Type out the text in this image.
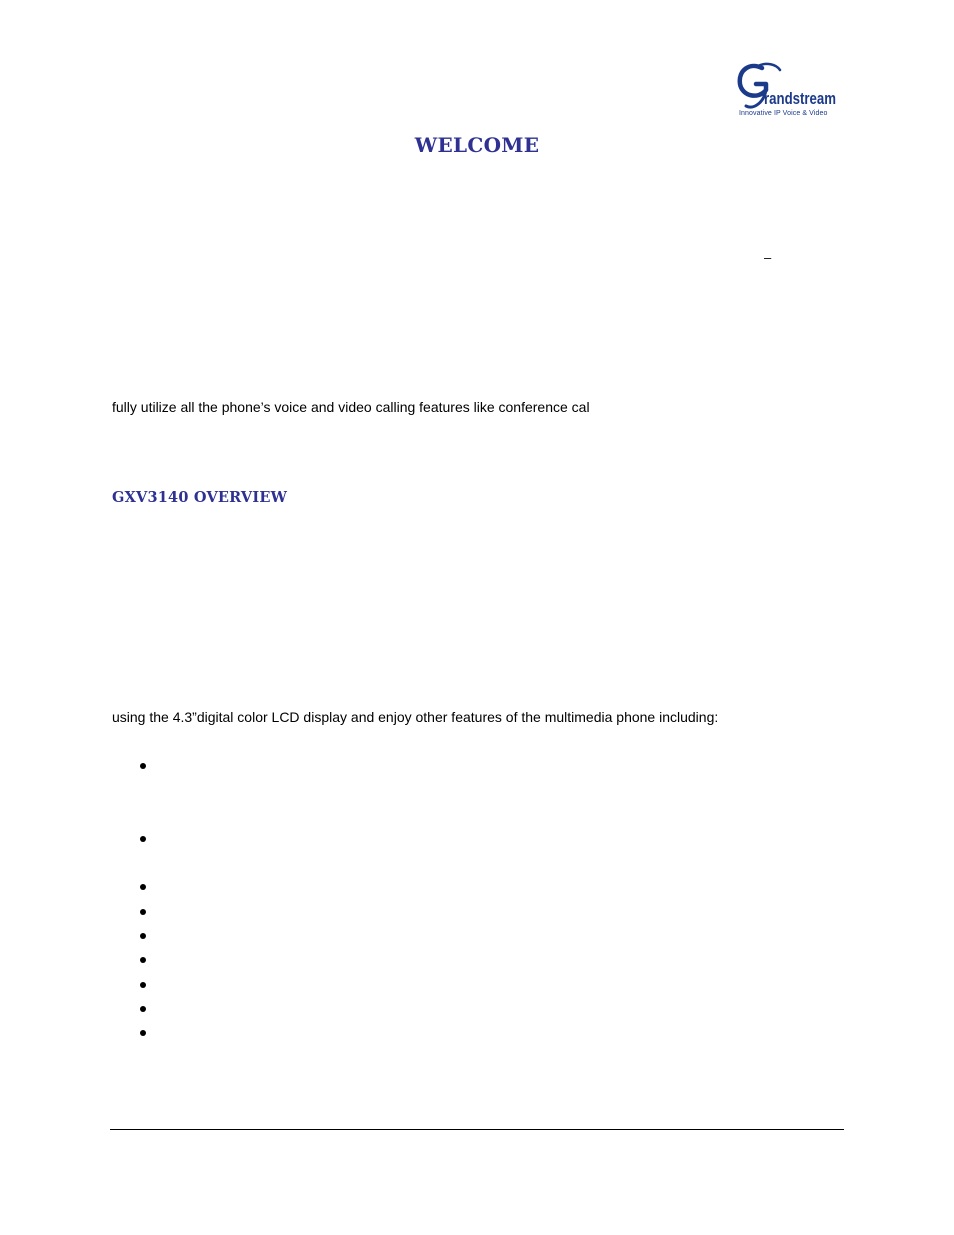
randstream
Innovative IP Voice & Video
WELCOME
–

fully utilize all the phone’s voice and video calling features like conference cal

GXV3140 OVERVIEW

using the 4.3”digital color LCD display and enjoy other features of the multimedia phone including:
